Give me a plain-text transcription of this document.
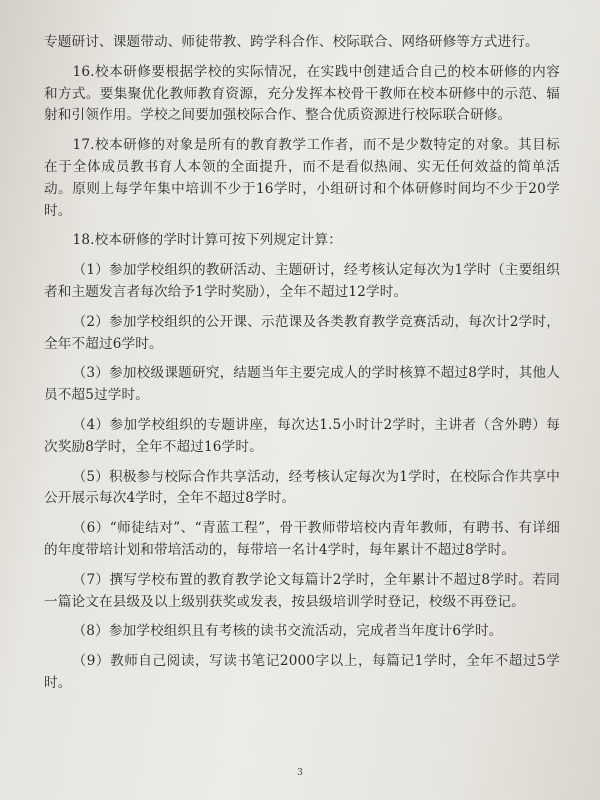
专题研讨、课题带动、师徒带教、跨学科合作、校际联合、网络研修等方式进行。

16.校本研修要根据学校的实际情况，在实践中创建适合自己的校本研修的内容和方式。要集聚优化教师教育资源，充分发挥本校骨干教师在校本研修中的示范、辐射和引领作用。学校之间要加强校际合作、整合优质资源进行校际联合研修。

17.校本研修的对象是所有的教育教学工作者，而不是少数特定的对象。其目标在于全体成员教书育人本领的全面提升，而不是看似热闹、实无任何效益的简单活动。原则上每学年集中培训不少于16学时，小组研讨和个体研修时间均不少于20学时。

18.校本研修的学时计算可按下列规定计算：

（1）参加学校组织的教研活动、主题研讨，经考核认定每次为1学时（主要组织者和主题发言者每次给予1学时奖励），全年不超过12学时。

（2）参加学校组织的公开课、示范课及各类教育教学竞赛活动，每次计2学时，全年不超过6学时。

（3）参加校级课题研究，结题当年主要完成人的学时核算不超过8学时，其他人员不超5过学时。

（4）参加学校组织的专题讲座，每次达1.5小时计2学时，主讲者（含外聘）每次奖励8学时，全年不超过16学时。

（5）积极参与校际合作共享活动，经考核认定每次为1学时，在校际合作共享中公开展示每次4学时，全年不超过8学时。

（6）“师徒结对”、“青蓝工程”，骨干教师带培校内青年教师，有聘书、有详细的年度带培计划和带培活动的，每带培一名计4学时，每年累计不超过8学时。

（7）撰写学校布置的教育教学论文每篇计2学时，全年累计不超过8学时。若同一篇论文在县级及以上级别获奖或发表，按县级培训学时登记，校级不再登记。

（8）参加学校组织且有考核的读书交流活动，完成者当年度计6学时。

（9）教师自己阅读，写读书笔记2000字以上，每篇记1学时，全年不超过5学时。

3
